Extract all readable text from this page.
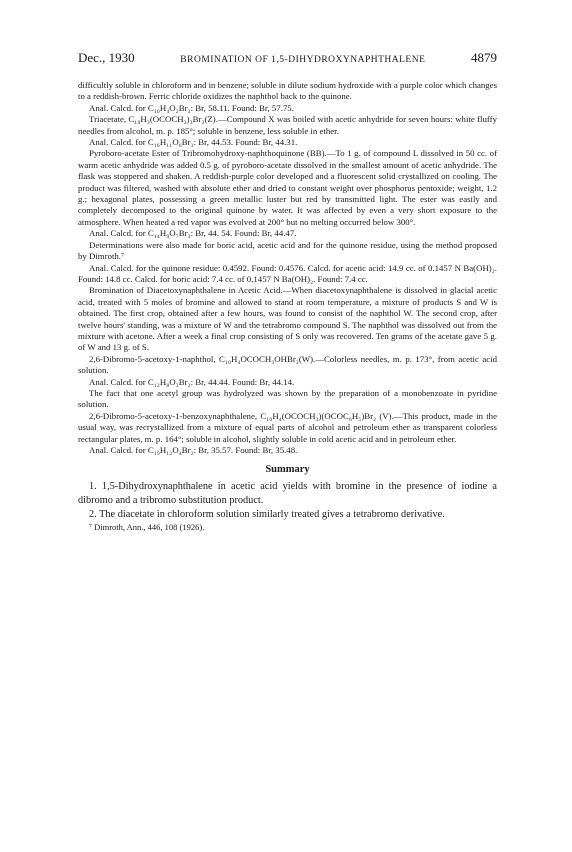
Dec., 1930	BROMINATION OF 1,5-DIHYDROXYNAPHTHALENE	4879

difficultly soluble in chloroform and in benzene; soluble in dilute sodium hydroxide with a purple color which changes to a reddish-brown. Ferric chloride oxidizes the naphthol back to the quinone.

Anal. Calcd. for C₁₀H₄O₂Br₃: Br, 58.11. Found: Br, 57.75.

Triacetate, C₁₀H₃(OCOCH₃)₃Br₃(Z).—Compound X was boiled with acetic anhydride for seven hours: white fluffy needles from alcohol, m. p. 185°; soluble in benzene, less soluble in ether.

Anal. Calcd. for C₁₆H₁₁O₆Br₃: Br, 44.53. Found: Br, 44.31.

Pyroboro-acetate Ester of Tribromohydroxy-naphthoquinone (BB).—To 1 g. of compound L dissolved in 50 cc. of warm acetic anhydride was added 0.5 g. of pyroboro-acetate dissolved in the smallest amount of acetic anhydride. The flask was stoppered and shaken. A reddish-purple color developed and a fluorescent solid crystallized on cooling. The product was filtered, washed with absolute ether and dried to constant weight over phosphorus pentoxide; weight, 1.2 g.; hexagonal plates, possessing a green metallic luster but red by transmitted light. The ester was easily and completely decomposed to the original quinone by water. It was affected by even a very short exposure to the atmosphere. When heated a red vapor was evolved at 200° but no melting occurred below 300°.

Anal. Calcd. for C₁₄H₉O₇Br₃: Br, 44. 54. Found: Br, 44.47.

Determinations were also made for boric acid, acetic acid and for the quinone residue, using the method proposed by Dimroth.⁷

Anal. Calcd. for the quinone residue: 0.4592. Found: 0.4576. Calcd. for acetic acid: 14.9 cc. of 0.1457 N Ba(OH)₂. Found: 14.8 cc. Calcd. for boric acid: 7.4 cc. of 0.1457 N Ba(OH)₂. Found: 7.4 cc.

Bromination of Diacetoxynaphthalene in Acetic Acid.—When diacetoxynaphthalene is dissolved in glacial acetic acid, treated with 5 moles of bromine and allowed to stand at room temperature, a mixture of products S and W is obtained. The first crop, obtained after a few hours, was found to consist of the naphthol W. The second crop, after twelve hours' standing, was a mixture of W and the tetrabromo compound S. The naphthol was dissolved out from the mixture with acetone. After a week a final crop consisting of S only was recovered. Ten grams of the acetate gave 5 g. of W and 13 g. of S.

2,6-Dibromo-5-acetoxy-1-naphthol, C₁₀H₄OCOCH₃OHBr₂(W).—Colorless needles, m. p. 173°, from acetic acid solution.

Anal. Calcd. for C₁₂H₈O₃Br₂: Br, 44.44. Found: Br, 44.14.

The fact that one acetyl group was hydrolyzed was shown by the preparation of a monobenzoate in pyridine solution.

2,6-Dibromo-5-acetoxy-1-benzoxynaphthalene, C₁₀H₄(OCOCH₃)(OCOC₆H₅)Br₂ (V).—This product, made in the usual way, was recrystallized from a mixture of equal parts of alcohol and petroleum ether as transparent colorless rectangular plates, m. p. 164°; soluble in alcohol, slightly soluble in cold acetic acid and in petroleum ether.

Anal. Calcd. for C₁₉H₁₂O₄Br₂: Br, 35.57. Found: Br, 35.48.

Summary

1. 1,5-Dihydroxynaphthalene in acetic acid yields with bromine in the presence of iodine a dibromo and a tribromo substitution product.

2. The diacetate in chloroform solution similarly treated gives a tetrabromo derivative.

⁷ Dimroth, Ann., 446, 108 (1926).
